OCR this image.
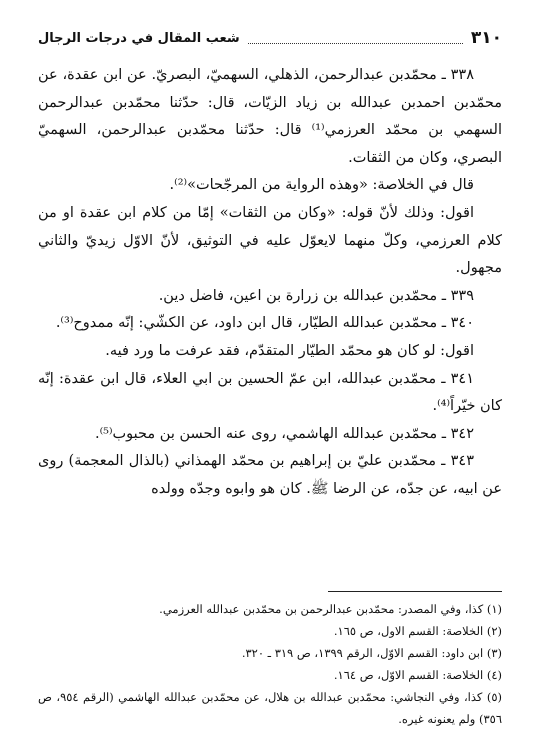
٣١٠
شعب المقال في درجات الرجال

٣٣٨ ـ محمّدبن عبدالرحمن، الذهلي، السهميّ، البصريّ. عن ابن عقدة، عن محمّدبن احمدبن عبدالله بن زياد الزيّات، قال: حدّثنا محمّدبن عبدالرحمن السهمي بن محمّد العرزمي⁽¹⁾ قال: حدّثنا محمّدبن عبدالرحمن، السهميّ البصري، وكان من الثقات.

قال في الخلاصة: «وهذه الرواية من المرجّحات»⁽²⁾.

اقول: وذلك لأنّ قوله: «وكان من الثقات» إمّا من كلام ابن عقدة او من كلام العرزمي، وكلّ منهما لايعوّل عليه في التوثيق، لأنّ الاوّل زيديّ والثاني مجهول.

٣٣٩ ـ محمّدبن عبدالله بن زرارة بن اعين، فاضل دين.

٣٤٠ ـ محمّدبن عبدالله الطيّار، قال ابن داود، عن الكشّي: إنّه ممدوح⁽³⁾.

اقول: لو كان هو محمّد الطيّار المتقدّم، فقد عرفت ما ورد فيه.

٣٤١ ـ محمّدبن عبدالله، ابن عمّ الحسين بن ابي العلاء، قال ابن عقدة: إنّه كان خيّراً⁽⁴⁾.

٣٤٢ ـ محمّدبن عبدالله الهاشمي، روى عنه الحسن بن محبوب⁽⁵⁾.

٣٤٣ ـ محمّدبن عليّ بن إبراهيم بن محمّد الهمذاني (بالذال المعجمة) روى عن ابيه، عن جدّه، عن الرضا ﷺ. كان هو وابوه وجدّه وولده

(١) كذا، وفي المصدر: محمّدبن عبدالرحمن بن محمّدبن عبدالله العرزمي.

(٢) الخلاصة: القسم الاول، ص ١٦٥.

(٣) ابن داود: القسم الاوّل، الرقم ١٣٩٩، ص ٣١٩ ـ ٣٢٠.

(٤) الخلاصة: القسم الاوّل، ص ١٦٤.

(٥) كذا، وفي النجاشي: محمّدبن عبدالله بن هلال، عن محمّدبن عبدالله الهاشمي (الرقم ٩٥٤، ص ٣٥٦) ولم يعنونه غيره.
